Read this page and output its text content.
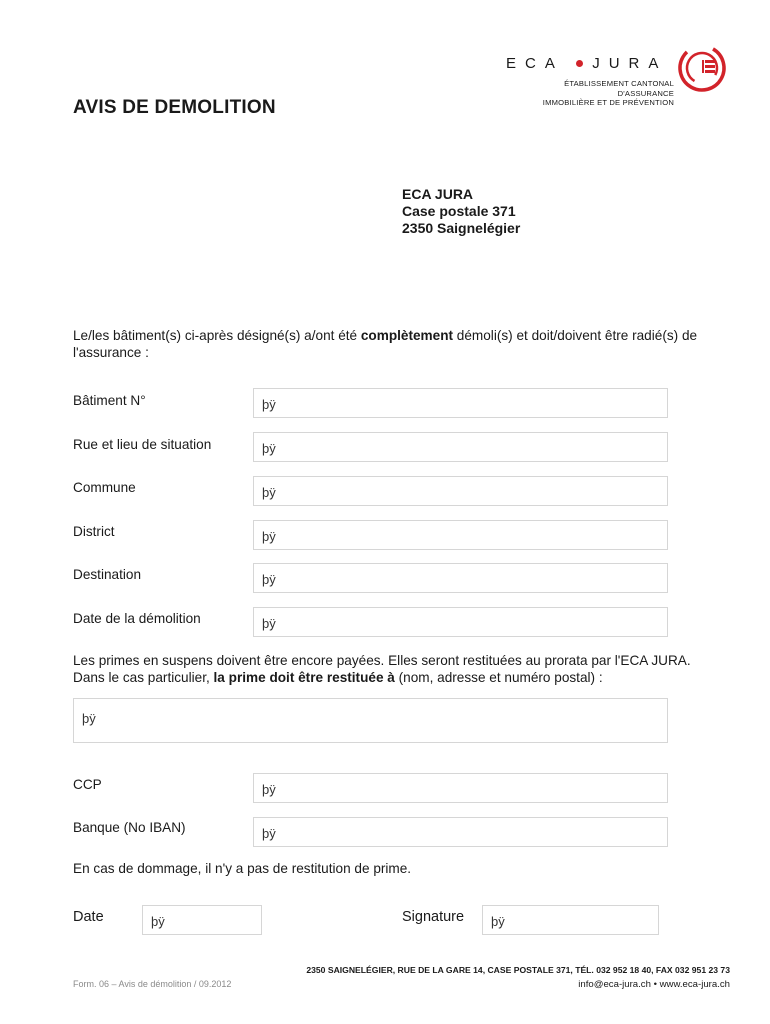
ECA JURA
ÉTABLISSEMENT CANTONAL D'ASSURANCE
IMMOBILIÈRE ET DE PRÉVENTION
AVIS DE DEMOLITION
ECA JURA
Case postale 371
2350 Saignelégier
Le/les bâtiment(s) ci-après désigné(s) a/ont été complètement démoli(s) et doit/doivent être radié(s) de l'assurance :
Bâtiment N°	þÿ
Rue et lieu de situation	þÿ
Commune	þÿ
District	þÿ
Destination	þÿ
Date de la démolition	þÿ
Les primes en suspens doivent être encore payées. Elles seront restituées au prorata par l'ECA JURA.
Dans le cas particulier, la prime doit être restituée à (nom, adresse et numéro postal) :
þÿ
CCP	þÿ
Banque (No IBAN)	þÿ
En cas de dommage, il n'y a pas de restitution de prime.
Date	þÿ	Signature	þÿ
2350 SAIGNELÉGIER, RUE DE LA GARE 14, CASE POSTALE 371, TÉL. 032 952 18 40, FAX 032 951 23 73
info@eca-jura.ch • www.eca-jura.ch
Form. 06 – Avis de démolition / 09.2012
